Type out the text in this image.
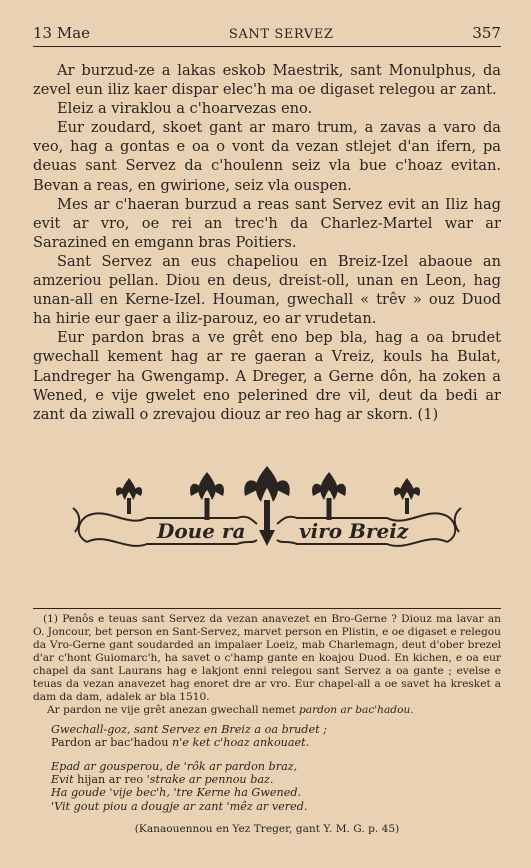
13 Mae	SANT SERVEZ	357

Ar burzud-ze a lakas eskob Maestrik, sant Monulphus, da zevel eun iliz kaer dispar elec'h ma oe digaset relegou ar zant.

Eleiz a viraklou a c'hoarvezas eno.

Eur zoudard, skoet gant ar maro trum, a zavas a varo da veo, hag a gontas e oa o vont da vezan stlejet d'an ifern, pa deuas sant Servez da c'houlenn seiz vla bue c'hoaz evitan. Bevan a reas, en gwirione, seiz vla ouspen.

Mes ar c'haeran burzud a reas sant Servez evit an Iliz hag evit ar vro, oe rei an trec'h da Charlez-Martel war ar Sarazined en emgann bras Poitiers.

Sant Servez an eus chapeliou en Breiz-Izel abaoue an amzeriou pellan. Diou en deus, dreist-oll, unan en Leon, hag unan-all en Kerne-Izel. Houman, gwechall « trêv » ouz Duod ha hirie eur gaer a iliz-parouz, eo ar vrudetan.

Eur pardon bras a ve grêt eno bep bla, hag a oa brudet gwechall kement hag ar re gaeran a Vreiz, kouls ha Bulat, Landreger ha Gwengamp. A Dreger, a Gerne dôn, ha zoken a Wened, e vije gwelet eno pelerined dre vil, deut da bedi ar zant da ziwall o zrevajou diouz ar reo hag ar skorn. (1)

Doue ra	viro Breiz

(1) Penôs e teuas sant Servez da vezan anavezet en Bro-Gerne ? Diouz ma lavar an O. Joncour, bet person en Sant-Servez, marvet person en Plistin, e oe digaset e relegou da Vro-Gerne gant soudarded an impalaer Loeiz, mab Charlemagn, deut d'ober brezel d'ar c'hont Guiomarc'h, ha savet o c'hamp gante en koajou Duod. En kichen, e oa eur chapel da sant Laurans hag e lakjont enni relegou sant Servez a oa gante ; evelse e teuas da vezan anavezet hag enoret dre ar vro. Eur chapel-all a oe savet ha kresket a dam da dam, adalek ar bla 1510.

Ar pardon ne vije grêt anezan gwechall nemet pardon ar bac'hadou.

Gwechall-goz, sant Servez en Breiz a oa brudet ;
Pardon ar bac'hadou n'e ket c'hoaz ankouaet.
Epad ar gousperou, de 'rôk ar pardon braz,
Evit hijan ar reo 'strake ar pennou baz.
Ha goude 'vije bec'h, 'tre Kerne ha Gwened.
'Vit gout piou a dougje ar zant 'mêz ar vered.
(Kanaouennou en Yez Treger, gant Y. M. G. p. 45)
